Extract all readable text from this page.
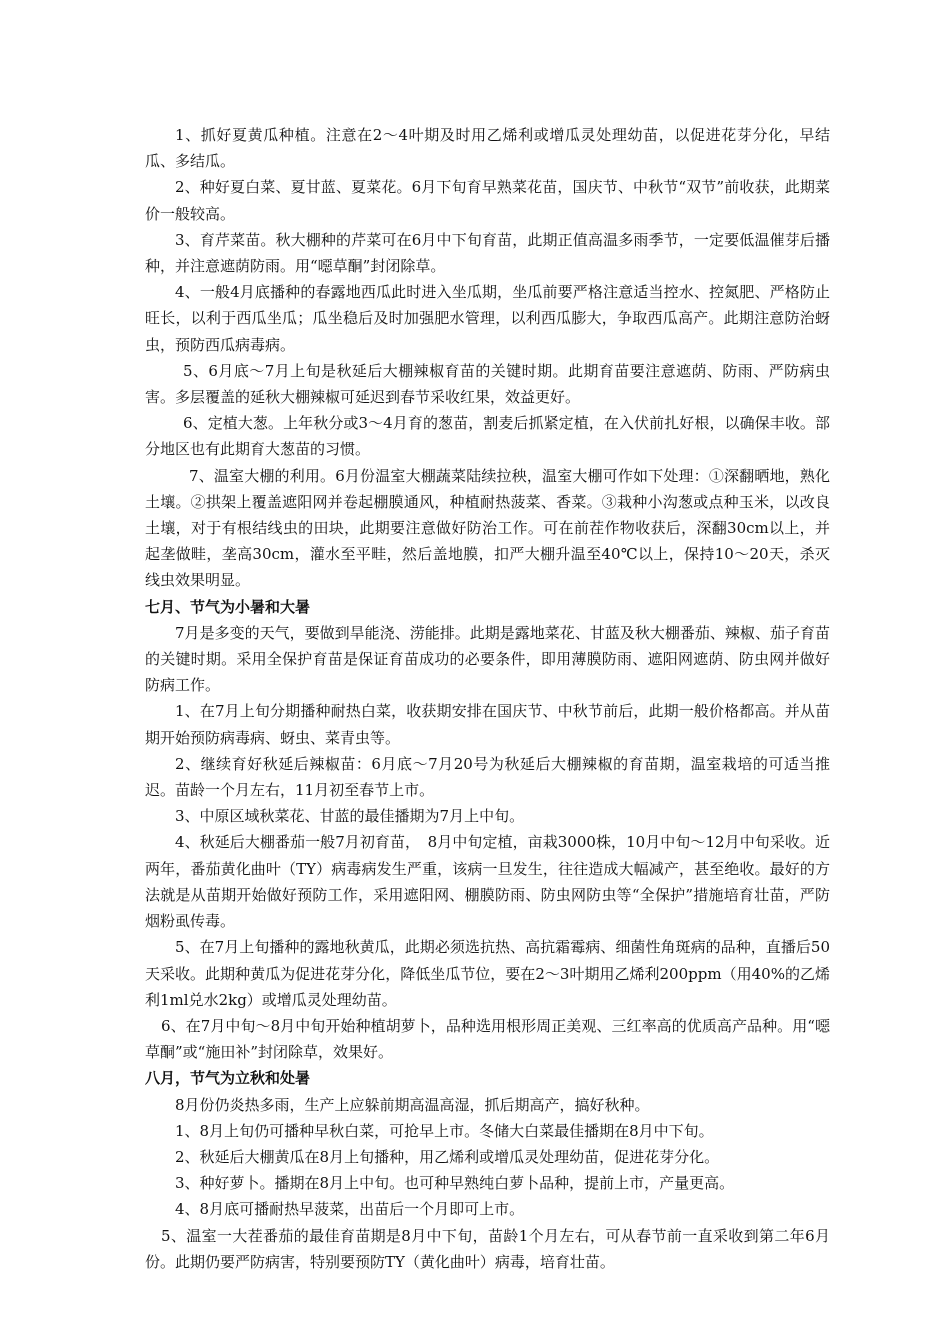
1、抓好夏黄瓜种植。注意在2～4叶期及时用乙烯利或增瓜灵处理幼苗，以促进花芽分化，早结瓜、多结瓜。

2、种好夏白菜、夏甘蓝、夏菜花。6月下旬育早熟菜花苗，国庆节、中秋节“双节”前收获，此期菜价一般较高。

3、育芹菜苗。秋大棚种的芹菜可在6月中下旬育苗，此期正值高温多雨季节，一定要低温催芽后播种，并注意遮荫防雨。用“噁草酮”封闭除草。

4、一般4月底播种的春露地西瓜此时进入坐瓜期，坐瓜前要严格注意适当控水、控氮肥、严格防止旺长，以利于西瓜坐瓜；瓜坐稳后及时加强肥水管理，以利西瓜膨大，争取西瓜高产。此期注意防治蚜虫，预防西瓜病毒病。

5、6月底～7月上旬是秋延后大棚辣椒育苗的关键时期。此期育苗要注意遮荫、防雨、严防病虫害。多层覆盖的延秋大棚辣椒可延迟到春节采收红果，效益更好。

6、定植大葱。上年秋分或3～4月育的葱苗，割麦后抓紧定植，在入伏前扎好根，以确保丰收。部分地区也有此期育大葱苗的习惯。

7、温室大棚的利用。6月份温室大棚蔬菜陆续拉秧，温室大棚可作如下处理：①深翻晒地，熟化土壤。②拱架上覆盖遮阳网并卷起棚膜通风，种植耐热菠菜、香菜。③栽种小沟葱或点种玉米，以改良土壤，对于有根结线虫的田块，此期要注意做好防治工作。可在前茬作物收获后，深翻30cm以上，并起垄做畦，垄高30cm，灌水至平畦，然后盖地膜，扣严大棚升温至40℃以上，保持10～20天，杀灭线虫效果明显。

七月、节气为小暑和大暑

7月是多变的天气，要做到旱能浇、涝能排。此期是露地菜花、甘蓝及秋大棚番茄、辣椒、茄子育苗的关键时期。采用全保护育苗是保证育苗成功的必要条件，即用薄膜防雨、遮阳网遮荫、防虫网并做好防病工作。

1、在7月上旬分期播种耐热白菜，收获期安排在国庆节、中秋节前后，此期一般价格都高。并从苗期开始预防病毒病、蚜虫、菜青虫等。

2、继续育好秋延后辣椒苗：6月底～7月20号为秋延后大棚辣椒的育苗期，温室栽培的可适当推迟。苗龄一个月左右，11月初至春节上市。

3、中原区域秋菜花、甘蓝的最佳播期为7月上中旬。

4、秋延后大棚番茄一般7月初育苗，　8月中旬定植，亩栽3000株，10月中旬～12月中旬采收。近两年，番茄黄化曲叶（TY）病毒病发生严重，该病一旦发生，往往造成大幅减产，甚至绝收。最好的方法就是从苗期开始做好预防工作，采用遮阳网、棚膜防雨、防虫网防虫等“全保护”措施培育壮苗，严防烟粉虱传毒。

5、在7月上旬播种的露地秋黄瓜，此期必须选抗热、高抗霜霉病、细菌性角斑病的品种，直播后50天采收。此期种黄瓜为促进花芽分化，降低坐瓜节位，要在2～3叶期用乙烯利200ppm（用40%的乙烯利1ml兑水2kg）或增瓜灵处理幼苗。

6、在7月中旬～8月中旬开始种植胡萝卜，品种选用根形周正美观、三红率高的优质高产品种。用“噁草酮”或“施田补”封闭除草，效果好。

八月，节气为立秋和处暑

8月份仍炎热多雨，生产上应躲前期高温高湿，抓后期高产，搞好秋种。

1、8月上旬仍可播种早秋白菜，可抢早上市。冬储大白菜最佳播期在8月中下旬。

2、秋延后大棚黄瓜在8月上旬播种，用乙烯利或增瓜灵处理幼苗，促进花芽分化。

3、种好萝卜。播期在8月上中旬。也可种早熟纯白萝卜品种，提前上市，产量更高。

4、8月底可播耐热早菠菜，出苗后一个月即可上市。

5、温室一大茬番茄的最佳育苗期是8月中下旬，苗龄1个月左右，可从春节前一直采收到第二年6月份。此期仍要严防病害，特别要预防TY（黄化曲叶）病毒，培育壮苗。
